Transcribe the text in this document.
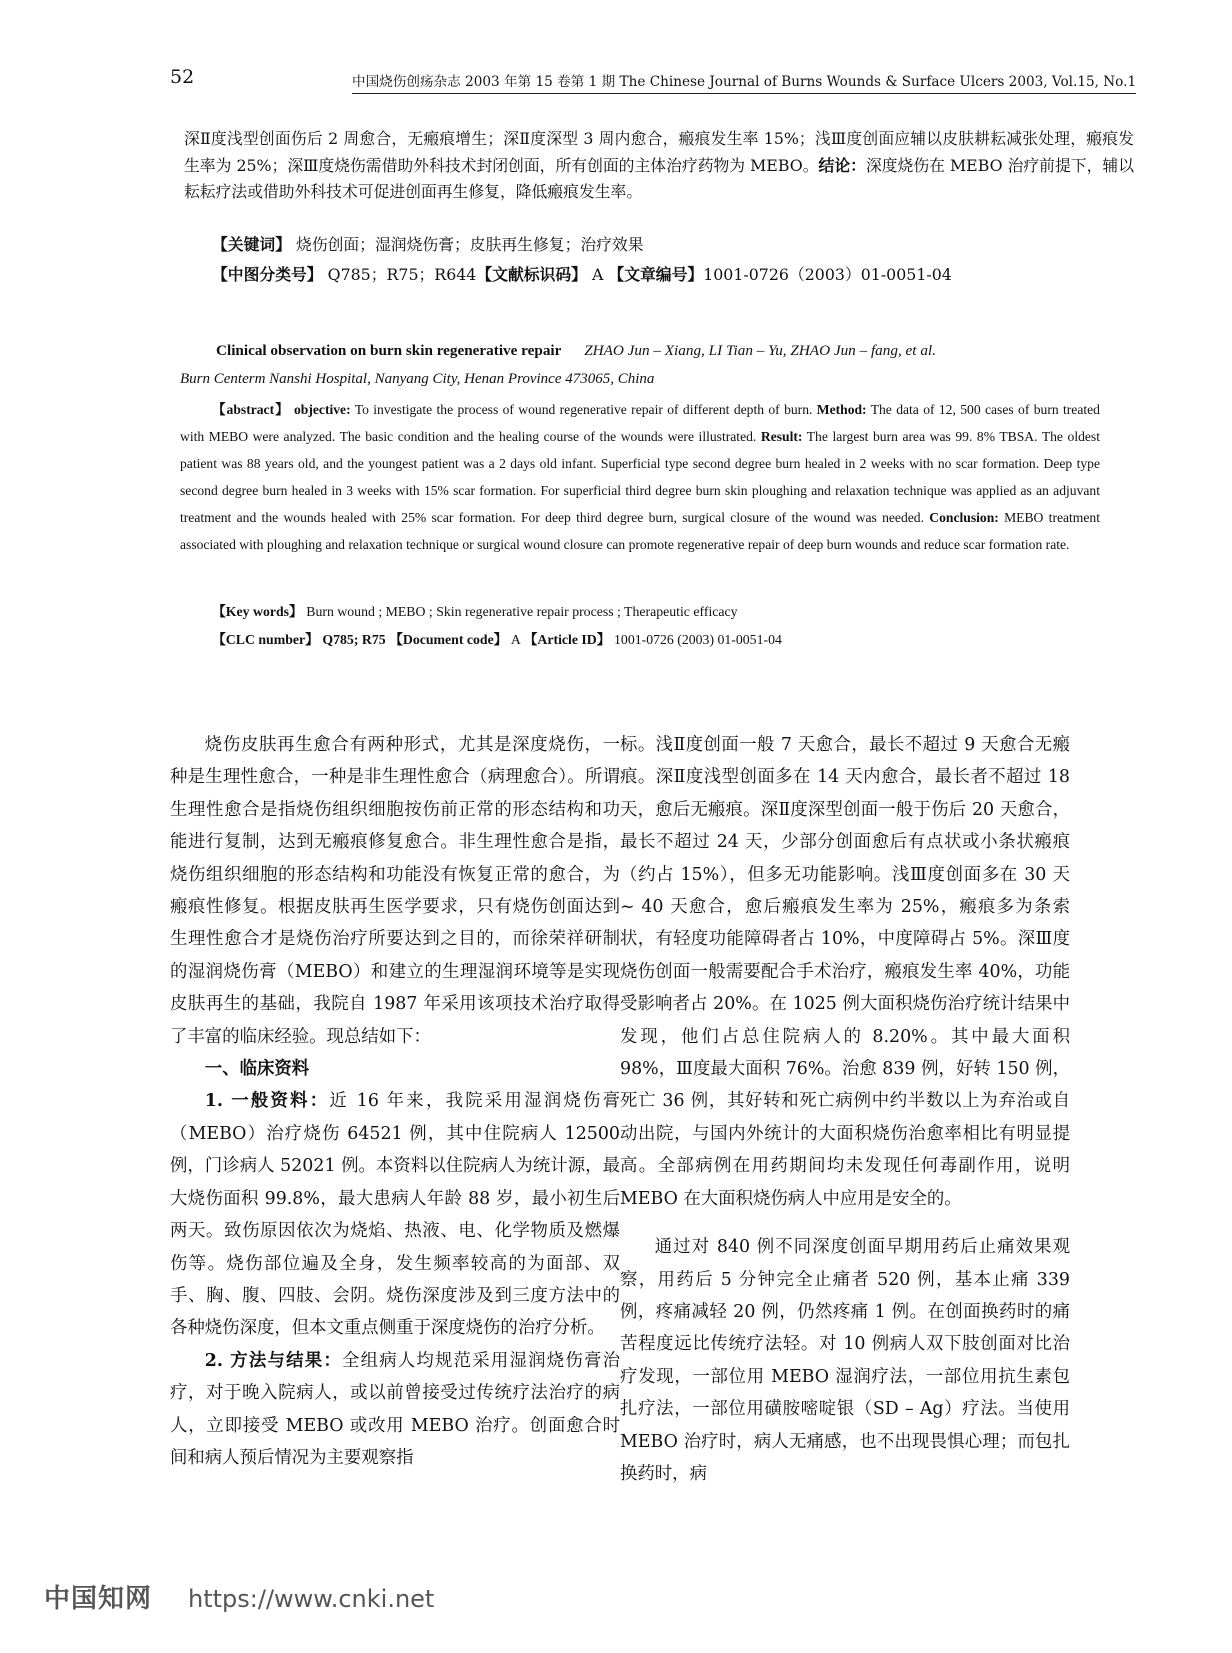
52	中国烧伤创疡杂志 2003 年第 15 卷第 1 期 The Chinese Journal of Burns Wounds & Surface Ulcers 2003, Vol.15, No.1
深Ⅱ度浅型创面伤后 2 周愈合，无瘢痕增生；深Ⅱ度深型 3 周内愈合，瘢痕发生率 15%；浅Ⅲ度创面应辅以皮肤耕耘减张处理，瘢痕发生率为 25%；深Ⅲ度烧伤需借助外科技术封闭创面，所有创面的主体治疗药物为 MEBO。结论：深度烧伤在 MEBO 治疗前提下，辅以耘耘疗法或借助外科技术可促进创面再生修复，降低瘢痕发生率。
【关键词】 烧伤创面；湿润烧伤膏；皮肤再生修复；治疗效果
【中图分类号】 Q785；R75；R644【文献标识码】 A 【文章编号】1001-0726（2003）01-0051-04
Clinical observation on burn skin regenerative repair ZHAO Jun – Xiang, LI Tian – Yu, ZHAO Jun – fang, et al.
Burn Centerm Nanshi Hospital, Nanyang City, Henan Province 473065, China
【abstract】 objective: To investigate the process of wound regenerative repair of different depth of burn. Method: The data of 12, 500 cases of burn treated with MEBO were analyzed. The basic condition and the healing course of the wounds were illustrated. Result: The largest burn area was 99. 8% TBSA. The oldest patient was 88 years old, and the youngest patient was a 2 days old infant. Superficial type second degree burn healed in 2 weeks with no scar formation. Deep type second degree burn healed in 3 weeks with 15% scar formation. For superficial third degree burn skin ploughing and relaxation technique was applied as an adjuvant treatment and the wounds healed with 25% scar formation. For deep third degree burn, surgical closure of the wound was needed. Conclusion: MEBO treatment associated with ploughing and relaxation technique or surgical wound closure can promote regenerative repair of deep burn wounds and reduce scar formation rate.
【Key words】 Burn wound ; MEBO ; Skin regenerative repair process ; Therapeutic efficacy
【CLC number】 Q785; R75 【Document code】 A 【Article ID】 1001-0726 (2003) 01-0051-04

烧伤皮肤再生愈合有两种形式，尤其是深度烧伤，一种是生理性愈合，一种是非生理性愈合（病理愈合）。所谓生理性愈合是指烧伤组织细胞按伤前正常的形态结构和功能进行复制，达到无瘢痕修复愈合。非生理性愈合是指，烧伤组织细胞的形态结构和功能没有恢复正常的愈合，为瘢痕性修复。根据皮肤再生医学要求，只有烧伤创面达到生理性愈合才是烧伤治疗所要达到之目的，而徐荣祥研制的湿润烧伤膏（MEBO）和建立的生理湿润环境等是实现皮肤再生的基础，我院自 1987 年采用该项技术治疗取得了丰富的临床经验。现总结如下：

一、临床资料

1. 一般资料：近 16 年来，我院采用湿润烧伤膏（MEBO）治疗烧伤 64521 例，其中住院病人 12500 例，门诊病人 52021 例。本资料以住院病人为统计源，最大烧伤面积 99.8%，最大患病人年龄 88 岁，最小初生后两天。致伤原因依次为烧焰、热液、电、化学物质及燃爆伤等。烧伤部位遍及全身，发生频率较高的为面部、双手、胸、腹、四肢、会阴。烧伤深度涉及到三度方法中的各种烧伤深度，但本文重点侧重于深度烧伤的治疗分析。

2. 方法与结果：全组病人均规范采用湿润烧伤膏治疗，对于晚入院病人，或以前曾接受过传统疗法治疗的病人，立即接受 MEBO 或改用 MEBO 治疗。创面愈合时间和病人预后情况为主要观察指

标。浅Ⅱ度创面一般 7 天愈合，最长不超过 9 天愈合无瘢痕。深Ⅱ度浅型创面多在 14 天内愈合，最长者不超过 18 天，愈后无瘢痕。深Ⅱ度深型创面一般于伤后 20 天愈合，最长不超过 24 天，少部分创面愈后有点状或小条状瘢痕（约占 15%），但多无功能影响。浅Ⅲ度创面多在 30 天 ~ 40 天愈合，愈后瘢痕发生率为 25%，瘢痕多为条索状，有轻度功能障碍者占 10%，中度障碍占 5%。深Ⅲ度烧伤创面一般需要配合手术治疗，瘢痕发生率 40%，功能受影响者占 20%。在 1025 例大面积烧伤治疗统计结果中发现，他们占总住院病人的 8.20%。其中最大面积 98%，Ⅲ度最大面积 76%。治愈 839 例，好转 150 例，死亡 36 例，其好转和死亡病例中约半数以上为弃治或自动出院，与国内外统计的大面积烧伤治愈率相比有明显提高。全部病例在用药期间均未发现任何毒副作用，说明 MEBO 在大面积烧伤病人中应用是安全的。

通过对 840 例不同深度创面早期用药后止痛效果观察，用药后 5 分钟完全止痛者 520 例，基本止痛 339 例，疼痛减轻 20 例，仍然疼痛 1 例。在创面换药时的痛苦程度远比传统疗法轻。对 10 例病人双下肢创面对比治疗发现，一部位用 MEBO 湿润疗法，一部位用抗生素包扎疗法，一部位用磺胺嘧啶银（SD – Ag）疗法。当使用 MEBO 治疗时，病人无痛感，也不出现畏惧心理；而包扎换药时，病

中国知网 https://www.cnki.net
